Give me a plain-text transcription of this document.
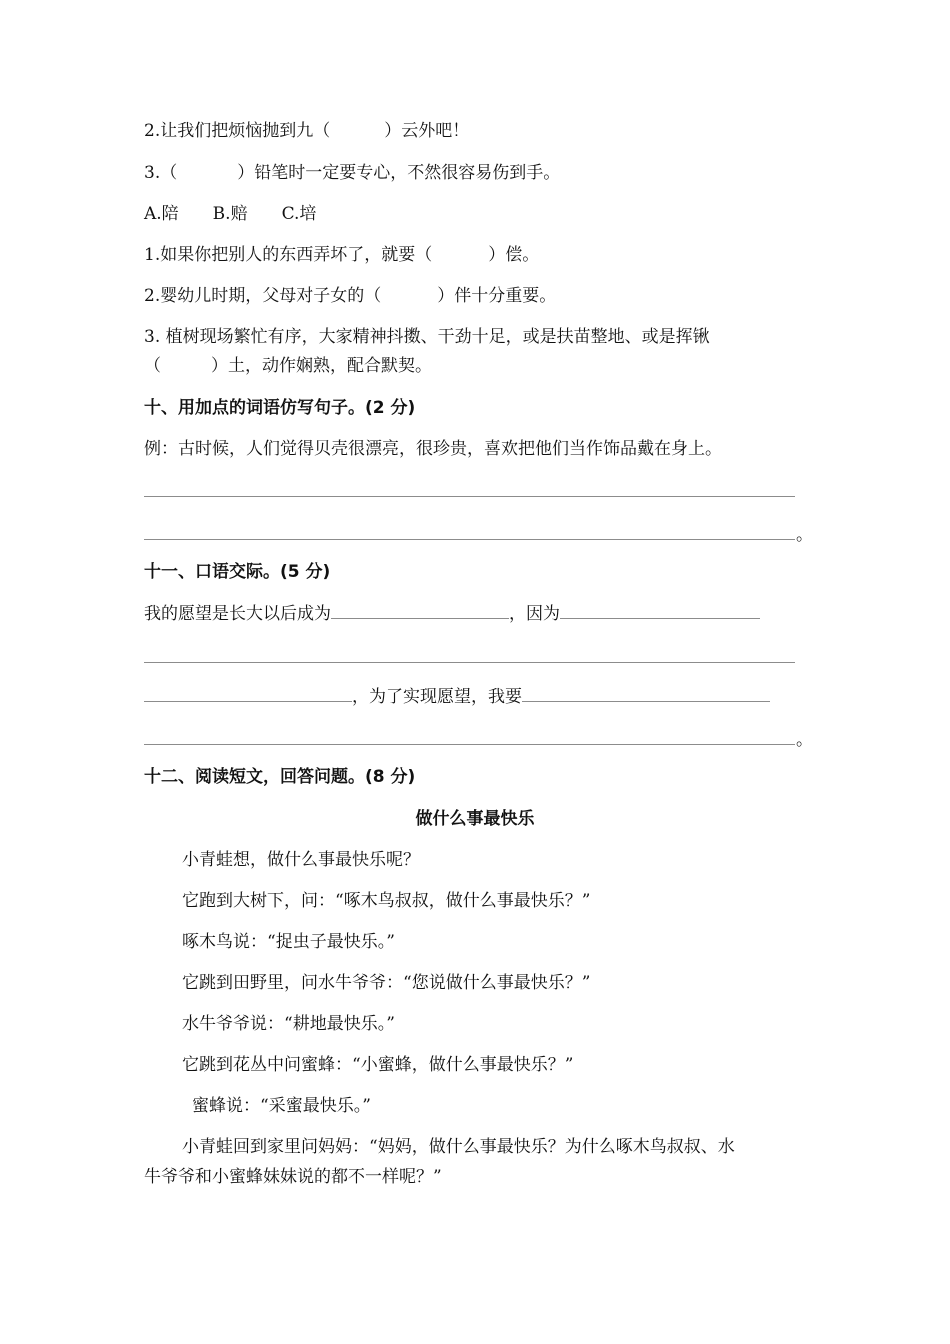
2.让我们把烦恼抛到九（	）云外吧！
3.（	）铅笔时一定要专心，不然很容易伤到手。
A.陪　　B.赔　　C.培
1.如果你把别人的东西弄坏了，就要（	）偿。
2.婴幼儿时期，父母对子女的（	）伴十分重要。
3. 植树现场繁忙有序，大家精神抖擞、干劲十足，或是扶苗整地、或是挥锹
（	）土，动作娴熟，配合默契。
十、用加点的词语仿写句子。(2 分)
例：古时候，人们觉得贝壳很漂亮，很珍贵，喜欢把他们当作饰品戴在身上。
。
十一、口语交际。(5 分)
我的愿望是长大以后成为	，因为
，为了实现愿望，我要
。
十二、阅读短文，回答问题。(8 分)
做什么事最快乐
小青蛙想，做什么事最快乐呢？
它跑到大树下，问：“啄木鸟叔叔，做什么事最快乐？”
啄木鸟说：“捉虫子最快乐。”
它跳到田野里，问水牛爷爷：“您说做什么事最快乐？”
水牛爷爷说：“耕地最快乐。”
它跳到花丛中问蜜蜂：“小蜜蜂，做什么事最快乐？”
蜜蜂说：“采蜜最快乐。”
小青蛙回到家里问妈妈：“妈妈，做什么事最快乐？为什么啄木鸟叔叔、水
牛爷爷和小蜜蜂妹妹说的都不一样呢？”
